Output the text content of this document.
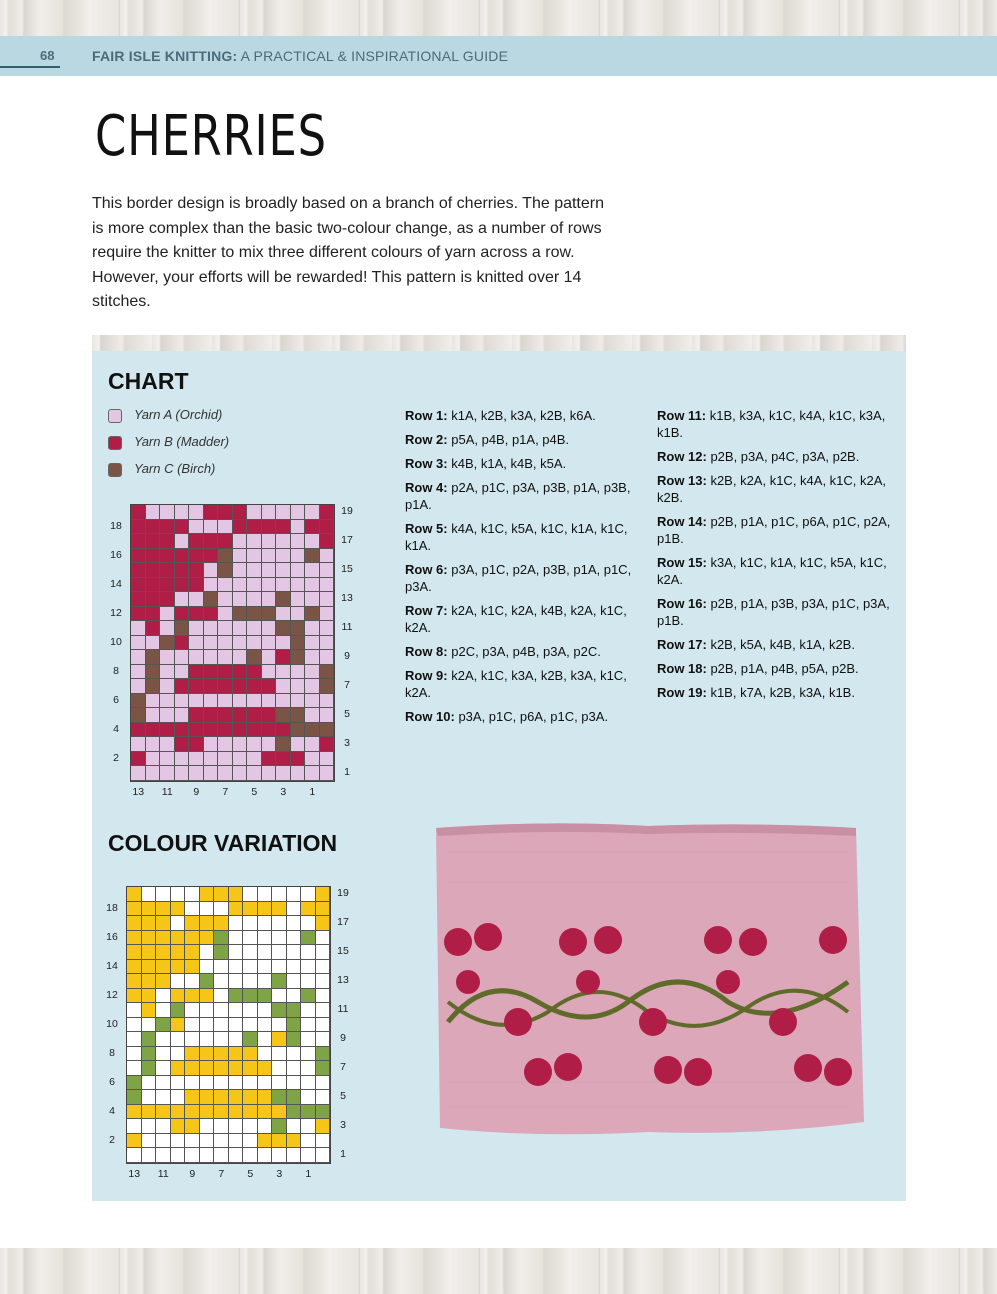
68	FAIR ISLE KNITTING: A PRACTICAL & INSPIRATIONAL GUIDE
CHERRIES

This border design is broadly based on a branch of cherries. The pattern is more complex than the basic two-colour change, as a number of rows require the knitter to mix three different colours of yarn across a row. However, your efforts will be rewarded! This pattern is knitted over 14 stitches.

CHART
Yarn A (Orchid)
Yarn B (Madder)
Yarn C (Birch)
18
16
14
12
10
8
6
4
2
19
17
15
13
11
9
7
5
3
1
13	11	9	7	5	3	1
Row 1: k1A, k2B, k3A, k2B, k6A.
Row 2: p5A, p4B, p1A, p4B.
Row 3: k4B, k1A, k4B, k5A.
Row 4: p2A, p1C, p3A, p3B, p1A, p3B, p1A.
Row 5: k4A, k1C, k5A, k1C, k1A, k1C, k1A.
Row 6: p3A, p1C, p2A, p3B, p1A, p1C, p3A.
Row 7: k2A, k1C, k2A, k4B, k2A, k1C, k2A.
Row 8: p2C, p3A, p4B, p3A, p2C.
Row 9: k2A, k1C, k3A, k2B, k3A, k1C, k2A.
Row 10: p3A, p1C, p6A, p1C, p3A.
Row 11: k1B, k3A, k1C, k4A, k1C, k3A, k1B.
Row 12: p2B, p3A, p4C, p3A, p2B.
Row 13: k2B, k2A, k1C, k4A, k1C, k2A, k2B.
Row 14: p2B, p1A, p1C, p6A, p1C, p2A, p1B.
Row 15: k3A, k1C, k1A, k1C, k5A, k1C, k2A.
Row 16: p2B, p1A, p3B, p3A, p1C, p3A, p1B.
Row 17: k2B, k5A, k4B, k1A, k2B.
Row 18: p2B, p1A, p4B, p5A, p2B.
Row 19: k1B, k7A, k2B, k3A, k1B.
COLOUR VARIATION
18
16
14
12
10
8
6
4
2
19
17
15
13
11
9
7
5
3
1
13	11	9	7	5	3	1
